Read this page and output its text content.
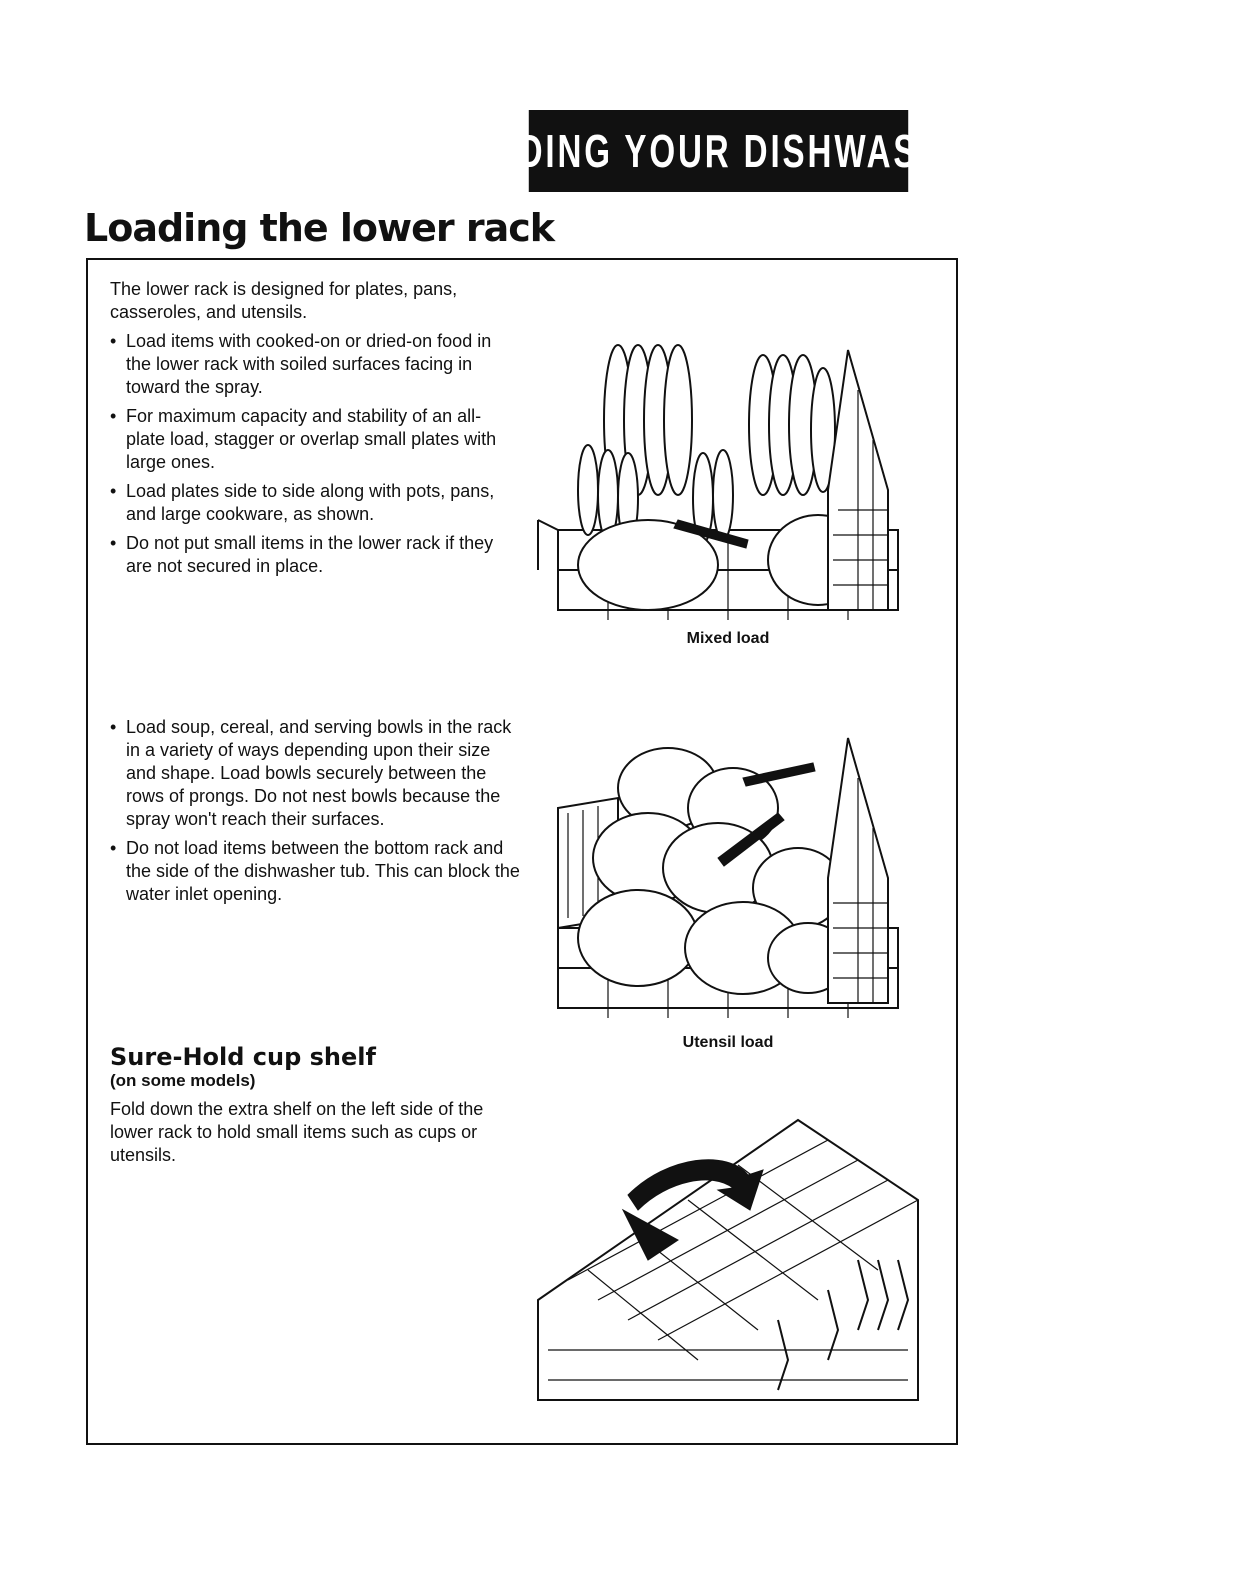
LOADING YOUR DISHWASHER
Loading the lower rack

The lower rack is designed for plates, pans, casseroles, and utensils.

• Load items with cooked-on or dried-on food in the lower rack with soiled surfaces facing in toward the spray.
• For maximum capacity and stability of an all-plate load, stagger or overlap small plates with large ones.
• Load plates side to side along with pots, pans, and large cookware, as shown.
• Do not put small items in the lower rack if they are not secured in place.
• Load soup, cereal, and serving bowls in the rack in a variety of ways depending upon their size and shape. Load bowls securely between the rows of prongs. Do not nest bowls because the spray won't reach their surfaces.
• Do not load items between the bottom rack and the side of the dishwasher tub. This can block the water inlet opening.
Sure-Hold cup shelf

(on some models)

Fold down the extra shelf on the left side of the lower rack to hold small items such as cups or utensils.

Mixed load
Utensil load
